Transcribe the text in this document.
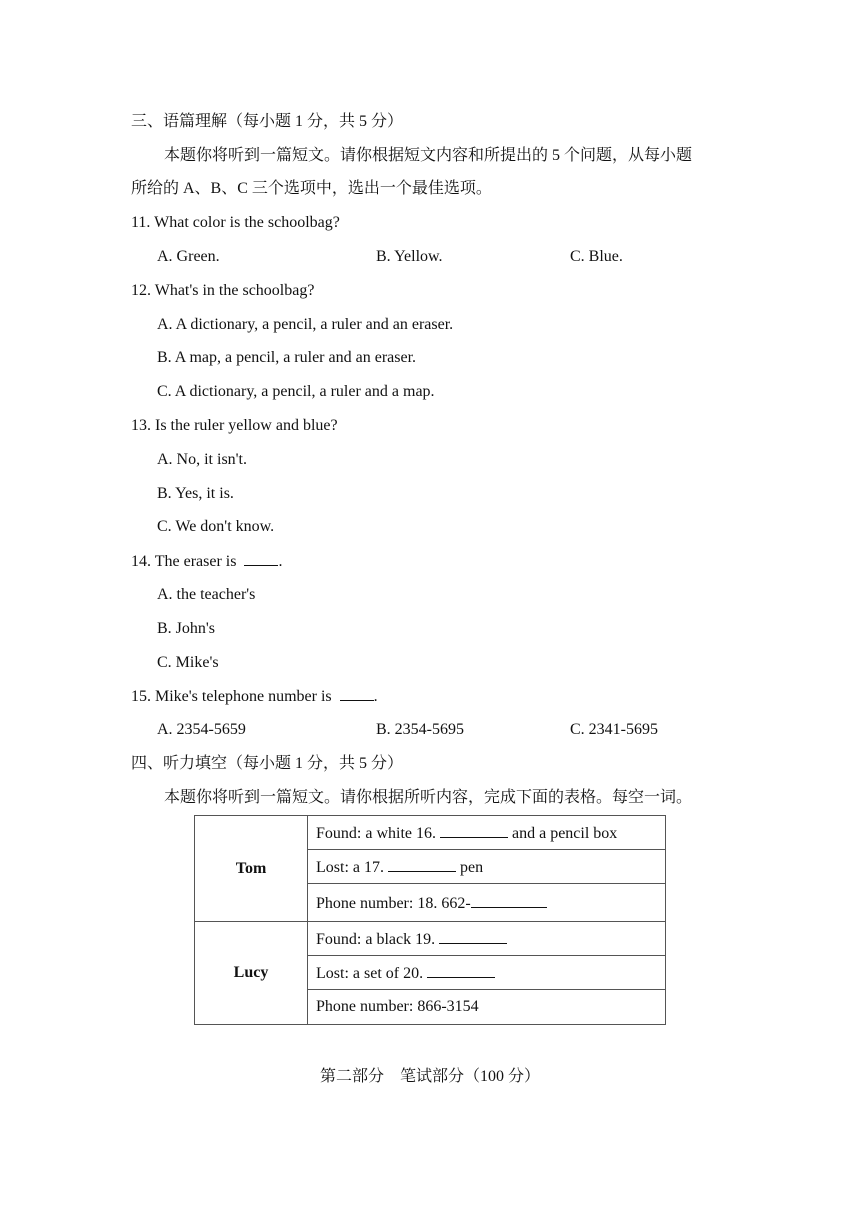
三、语篇理解（每小题 1 分，共 5 分）
本题你将听到一篇短文。请你根据短文内容和所提出的 5 个问题，从每小题
所给的 A、B、C 三个选项中，选出一个最佳选项。
11. What color is the schoolbag?
A. Green.	B. Yellow.	C. Blue.
12. What's in the schoolbag?
A. A dictionary, a pencil, a ruler and an eraser.
B. A map, a pencil, a ruler and an eraser.
C. A dictionary, a pencil, a ruler and a map.
13. Is the ruler yellow and blue?
A. No, it isn't.
B. Yes, it is.
C. We don't know.
14. The eraser is	.
A. the teacher's
B. John's
C. Mike's
15. Mike's telephone number is	.
A. 2354-5659	B. 2354-5695	C. 2341-5695
四、听力填空（每小题 1 分，共 5 分）
本题你将听到一篇短文。请你根据所听内容，完成下面的表格。每空一词。
Tom	Found: a white 16. and a pencil box
	Lost: a 17. pen
	Phone number: 18. 662-
Lucy	Found: a black 19.
	Lost: a set of 20.
	Phone number: 866-3154
第二部分　笔试部分（100 分）
